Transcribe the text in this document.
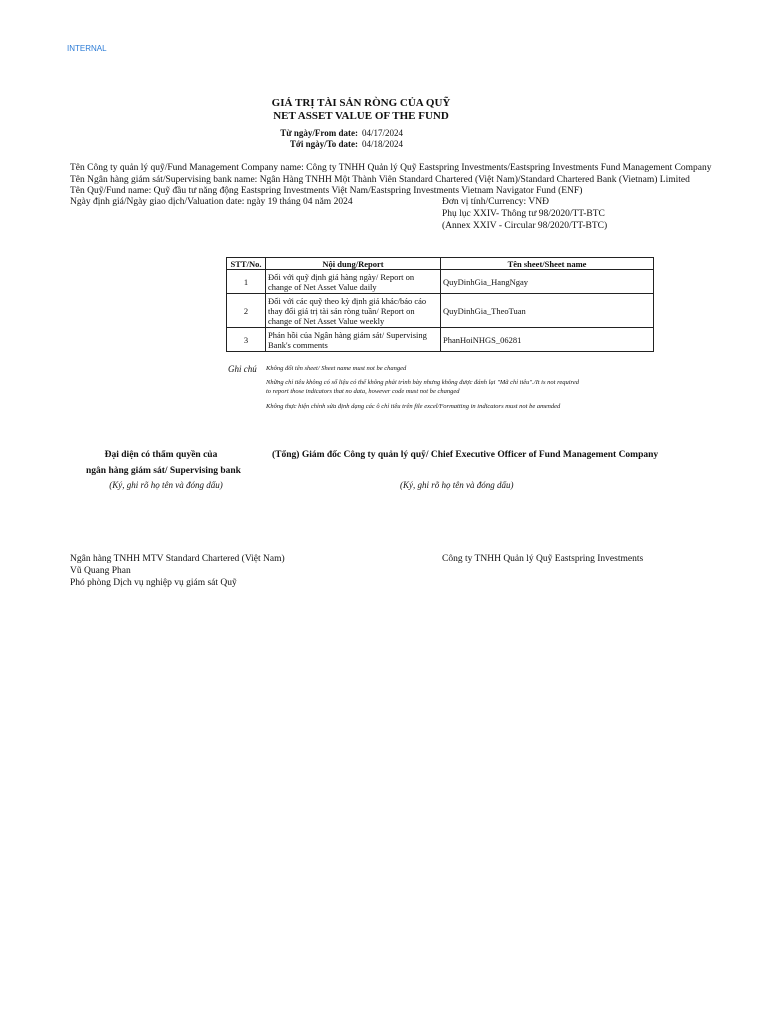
INTERNAL
GIÁ TRỊ TÀI SẢN RÒNG CỦA QUỸ
NET ASSET VALUE OF THE FUND
Từ ngày/From date: 04/17/2024
Tới ngày/To date: 04/18/2024
Tên Công ty quản lý quỹ/Fund Management Company name: Công ty TNHH Quản lý Quỹ Eastspring Investments/Eastspring Investments Fund Management Company
Tên Ngân hàng giám sát/Supervising bank name: Ngân Hàng TNHH Một Thành Viên Standard Chartered (Việt Nam)/Standard Chartered Bank (Vietnam) Limited
Tên Quỹ/Fund name: Quỹ đầu tư năng động Eastspring Investments Việt Nam/Eastspring Investments Vietnam Navigator Fund (ENF)
Ngày định giá/Ngày giao dịch/Valuation date: ngày 19 tháng 04 năm 2024	Đơn vị tính/Currency: VNĐ
Phụ lục XXIV- Thông tư 98/2020/TT-BTC
(Annex XXIV - Circular 98/2020/TT-BTC)
STT/No.	Nội dung/Report	Tên sheet/Sheet name
1	Đối với quỹ định giá hàng ngày/ Report on change of Net Asset Value daily	QuyDinhGia_HangNgay
2	Đối với các quỹ theo kỳ định giá khác/báo cáo thay đổi giá trị tài sản ròng tuần/ Report on change of Net Asset Value weekly	QuyDinhGia_TheoTuan
3	Phản hồi của Ngân hàng giám sát/ Supervising Bank's comments	PhanHoiNHGS_06281
Ghi chú Không đổi tên sheet/ Sheet name must not be changed
Những chỉ tiêu không có số liệu có thể không phải trình bày nhưng không được đánh lại "Mã chỉ tiêu"./It is not required
to report those indicators that no data, however code must not be changed
Không thực hiện chỉnh sửa định dạng các ô chỉ tiêu trên file excel/Formatting in indicators must not be amended
Đại diện có thẩm quyền của
ngân hàng giám sát/ Supervising bank
(Ký, ghi rõ họ tên và đóng dấu)
(Tổng) Giám đốc Công ty quản lý quỹ/ Chief Executive Officer of Fund Management Company
(Ký, ghi rõ họ tên và đóng dấu)
Ngân hàng TNHH MTV Standard Chartered (Việt Nam)
Vũ Quang Phan
Phó phòng Dịch vụ nghiệp vụ giám sát Quỹ
Công ty TNHH Quản lý Quỹ Eastspring Investments
